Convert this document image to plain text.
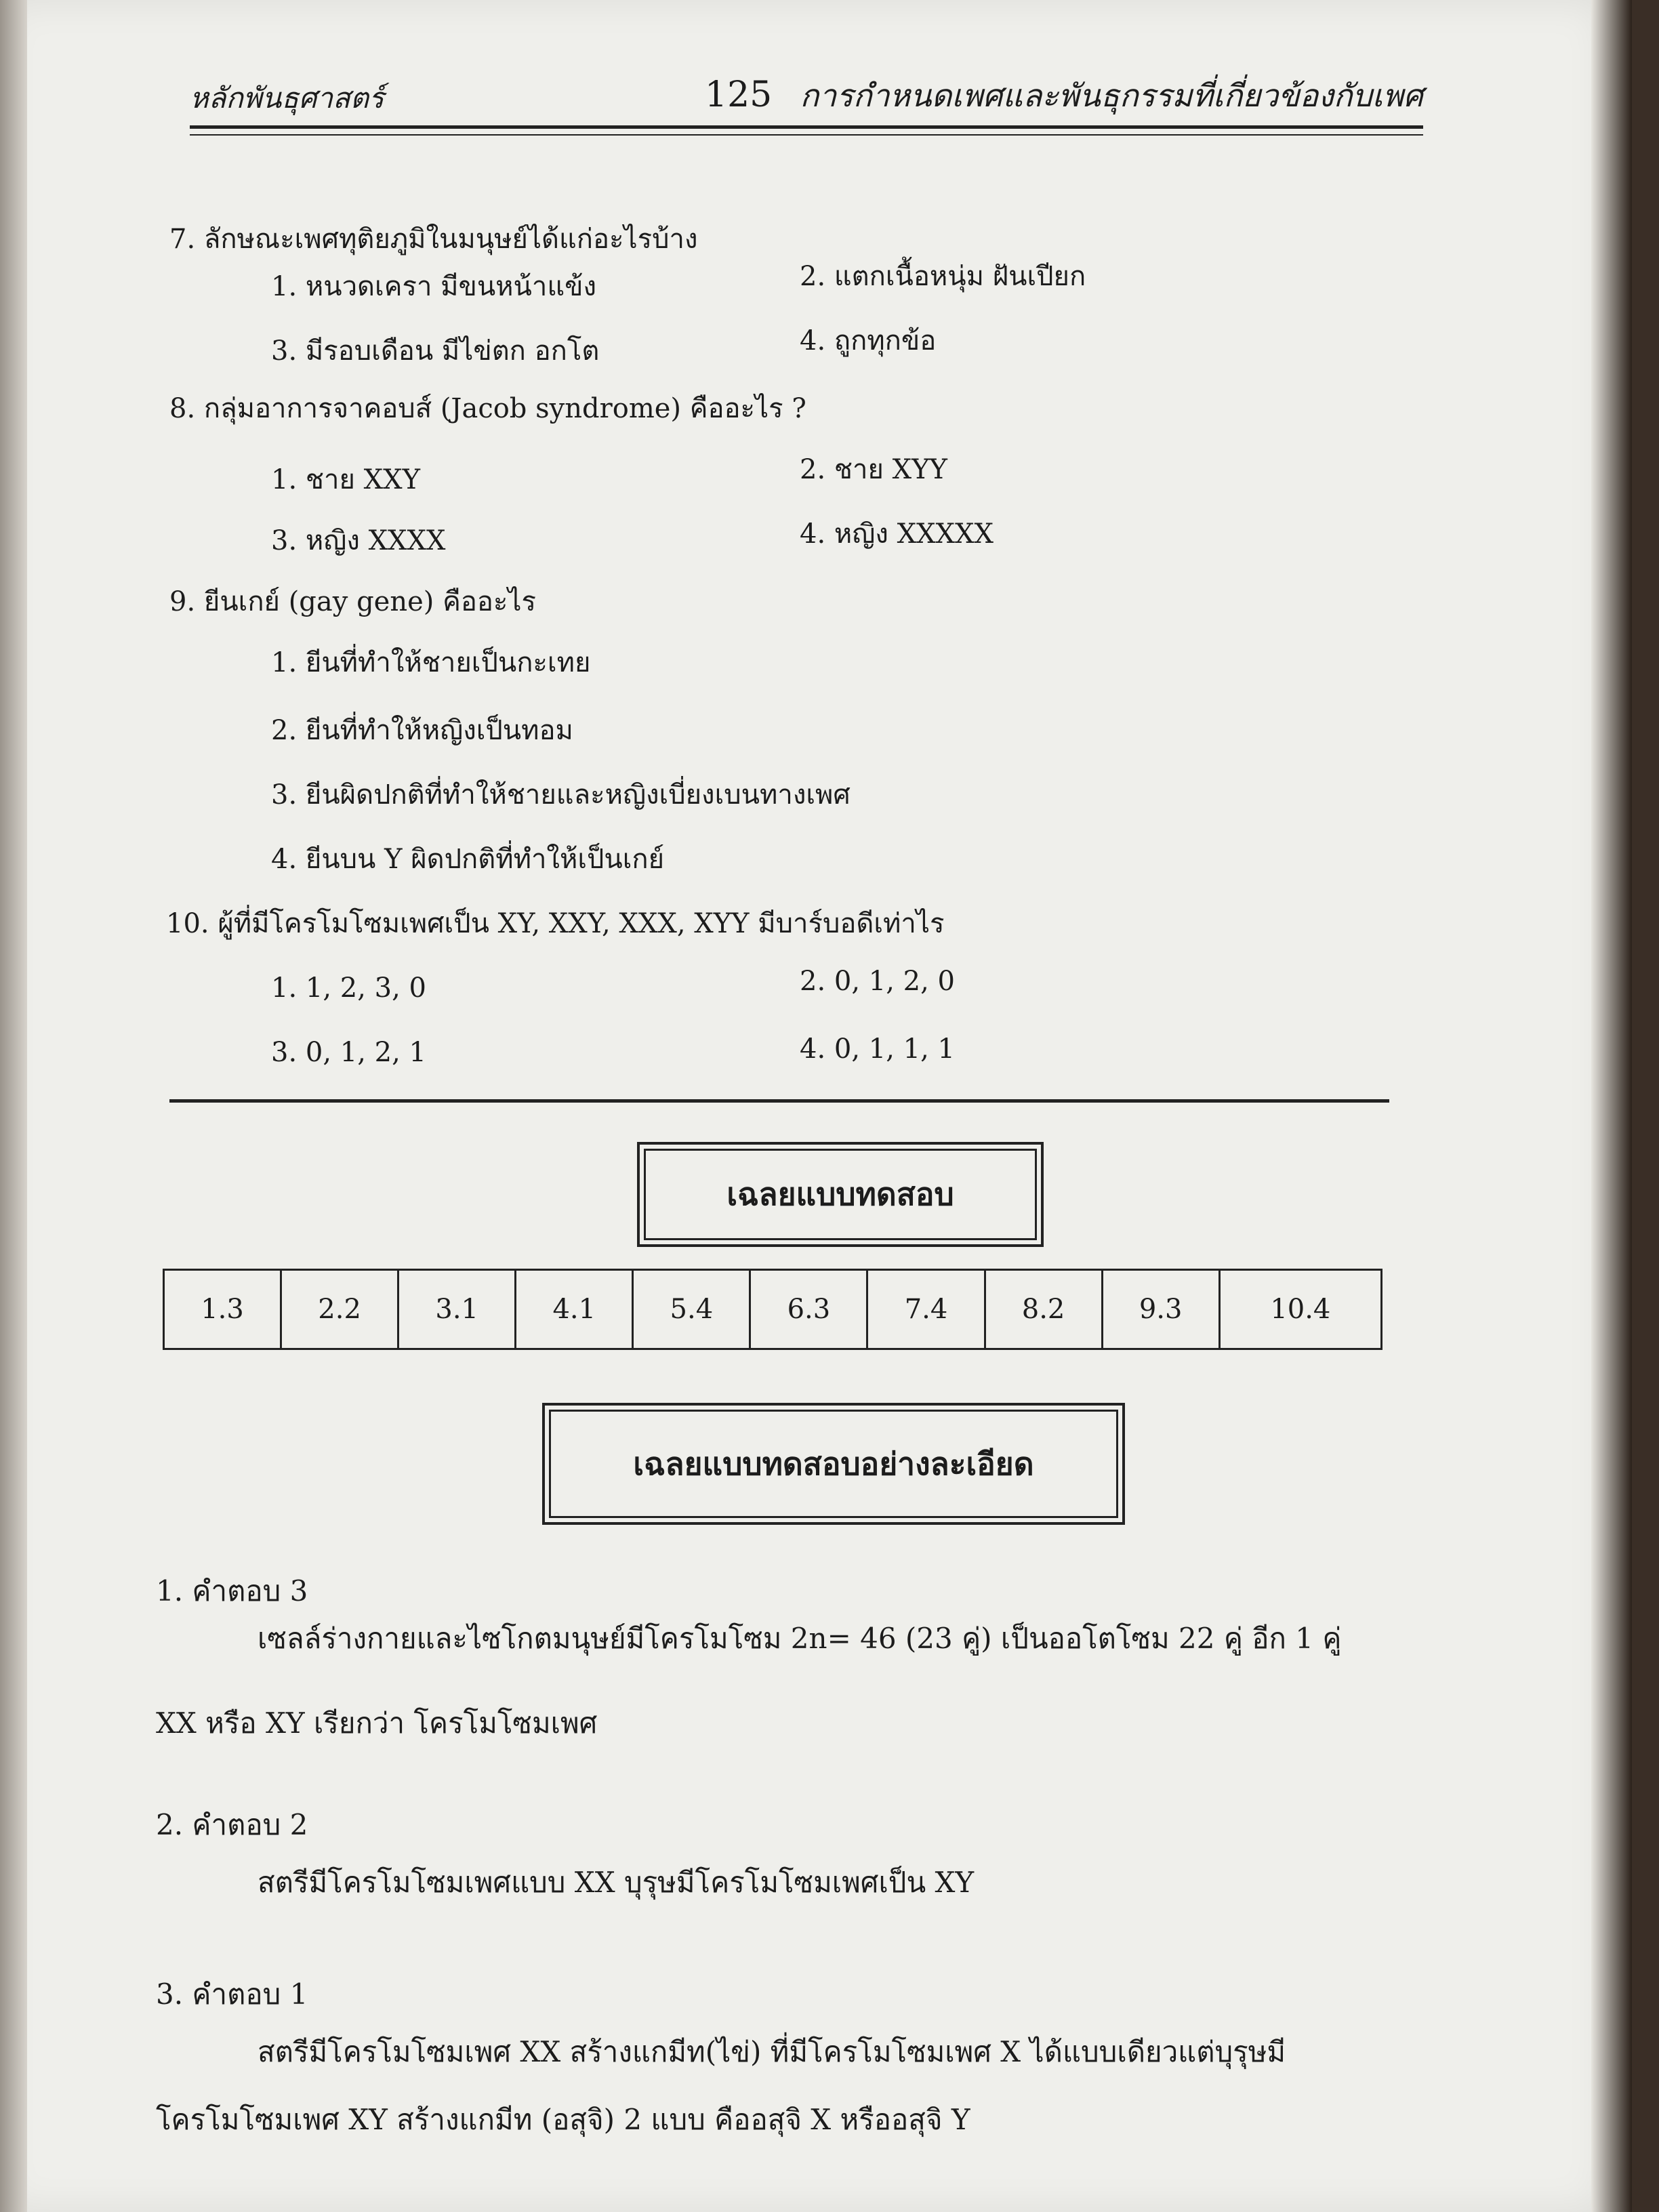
หลักพันธุศาสตร์	125 การกำหนดเพศและพันธุกรรมที่เกี่ยวข้องกับเพศ

7. ลักษณะเพศทุติยภูมิในมนุษย์ได้แก่อะไรบ้าง
1. หนวดเครา มีขนหน้าแข้ง	2. แตกเนื้อหนุ่ม ฝันเปียก
3. มีรอบเดือน มีไข่ตก อกโต	4. ถูกทุกข้อ
8. กลุ่มอาการจาคอบส์ (Jacob syndrome) คืออะไร ?
1. ชาย XXY	2. ชาย XYY
3. หญิง XXXX	4. หญิง XXXXX
9. ยีนเกย์ (gay gene) คืออะไร
1. ยีนที่ทำให้ชายเป็นกะเทย
2. ยีนที่ทำให้หญิงเป็นทอม
3. ยีนผิดปกติที่ทำให้ชายและหญิงเบี่ยงเบนทางเพศ
4. ยีนบน Y ผิดปกติที่ทำให้เป็นเกย์
10. ผู้ที่มีโครโมโซมเพศเป็น XY, XXY, XXX, XYY มีบาร์บอดีเท่าไร
1. 1, 2, 3, 0	2. 0, 1, 2, 0
3. 0, 1, 2, 1	4. 0, 1, 1, 1
เฉลยแบบทดสอบ
1.3	2.2	3.1	4.1	5.4	6.3	7.4	8.2	9.3	10.4
เฉลยแบบทดสอบอย่างละเอียด
1. คำตอบ 3
เซลล์ร่างกายและไซโกตมนุษย์มีโครโมโซม 2n= 46 (23 คู่) เป็นออโตโซม 22 คู่ อีก 1 คู่
XX หรือ XY เรียกว่า โครโมโซมเพศ
2. คำตอบ 2
สตรีมีโครโมโซมเพศแบบ XX บุรุษมีโครโมโซมเพศเป็น XY
3. คำตอบ 1
สตรีมีโครโมโซมเพศ XX สร้างแกมีท(ไข่) ที่มีโครโมโซมเพศ X ได้แบบเดียวแต่บุรุษมี
โครโมโซมเพศ XY สร้างแกมีท (อสุจิ) 2 แบบ คืออสุจิ X หรืออสุจิ Y
